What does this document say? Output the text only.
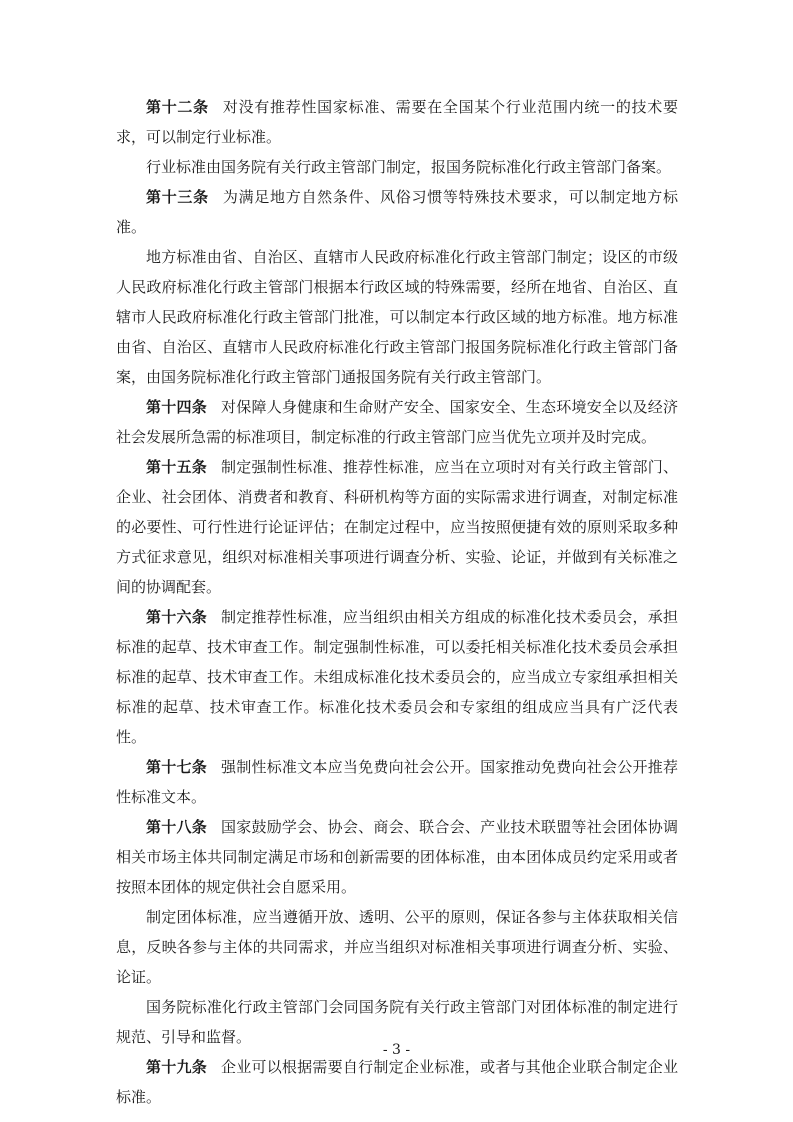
第十二条 对没有推荐性国家标准、需要在全国某个行业范围内统一的技术要求，可以制定行业标准。

行业标准由国务院有关行政主管部门制定，报国务院标准化行政主管部门备案。

第十三条 为满足地方自然条件、风俗习惯等特殊技术要求，可以制定地方标准。

地方标准由省、自治区、直辖市人民政府标准化行政主管部门制定；设区的市级人民政府标准化行政主管部门根据本行政区域的特殊需要，经所在地省、自治区、直辖市人民政府标准化行政主管部门批准，可以制定本行政区域的地方标准。地方标准由省、自治区、直辖市人民政府标准化行政主管部门报国务院标准化行政主管部门备案，由国务院标准化行政主管部门通报国务院有关行政主管部门。

第十四条 对保障人身健康和生命财产安全、国家安全、生态环境安全以及经济社会发展所急需的标准项目，制定标准的行政主管部门应当优先立项并及时完成。

第十五条 制定强制性标准、推荐性标准，应当在立项时对有关行政主管部门、企业、社会团体、消费者和教育、科研机构等方面的实际需求进行调查，对制定标准的必要性、可行性进行论证评估；在制定过程中，应当按照便捷有效的原则采取多种方式征求意见，组织对标准相关事项进行调查分析、实验、论证，并做到有关标准之间的协调配套。

第十六条 制定推荐性标准，应当组织由相关方组成的标准化技术委员会，承担标准的起草、技术审查工作。制定强制性标准，可以委托相关标准化技术委员会承担标准的起草、技术审查工作。未组成标准化技术委员会的，应当成立专家组承担相关标准的起草、技术审查工作。标准化技术委员会和专家组的组成应当具有广泛代表性。

第十七条 强制性标准文本应当免费向社会公开。国家推动免费向社会公开推荐性标准文本。

第十八条 国家鼓励学会、协会、商会、联合会、产业技术联盟等社会团体协调相关市场主体共同制定满足市场和创新需要的团体标准，由本团体成员约定采用或者按照本团体的规定供社会自愿采用。

制定团体标准，应当遵循开放、透明、公平的原则，保证各参与主体获取相关信息，反映各参与主体的共同需求，并应当组织对标准相关事项进行调查分析、实验、论证。

国务院标准化行政主管部门会同国务院有关行政主管部门对团体标准的制定进行规范、引导和监督。

第十九条 企业可以根据需要自行制定企业标准，或者与其他企业联合制定企业标准。

- 3 -
